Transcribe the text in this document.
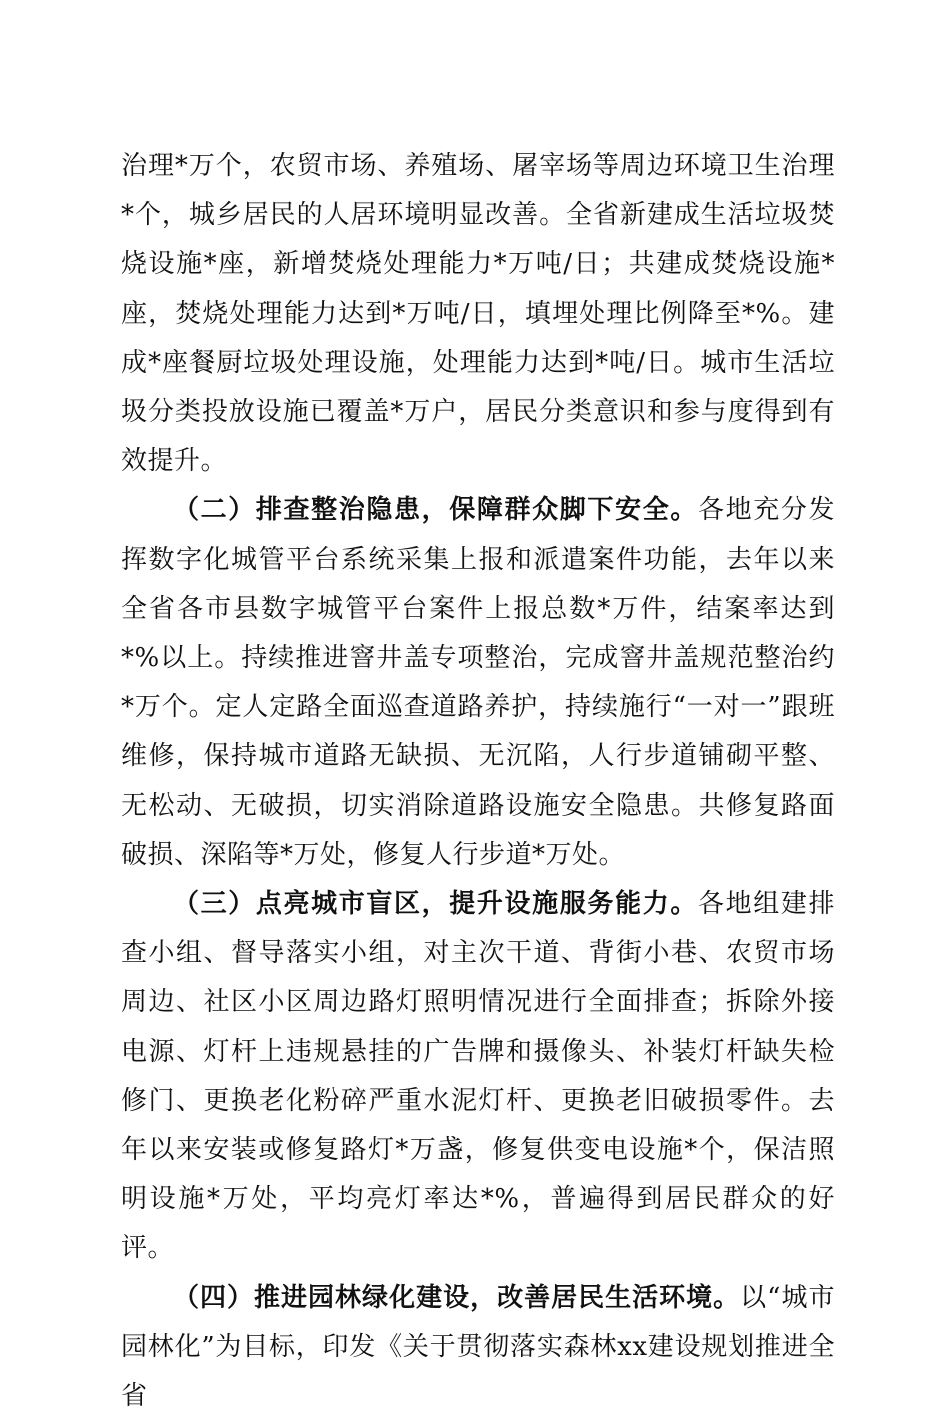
治理*万个，农贸市场、养殖场、屠宰场等周边环境卫生治理*个，城乡居民的人居环境明显改善。全省新建成生活垃圾焚烧设施*座，新增焚烧处理能力*万吨/日；共建成焚烧设施*座，焚烧处理能力达到*万吨/日，填埋处理比例降至*%。建成*座餐厨垃圾处理设施，处理能力达到*吨/日。城市生活垃圾分类投放设施已覆盖*万户，居民分类意识和参与度得到有效提升。

（二）排查整治隐患，保障群众脚下安全。各地充分发挥数字化城管平台系统采集上报和派遣案件功能，去年以来全省各市县数字城管平台案件上报总数*万件，结案率达到*%以上。持续推进窨井盖专项整治，完成窨井盖规范整治约*万个。定人定路全面巡查道路养护，持续施行“一对一”跟班维修，保持城市道路无缺损、无沉陷，人行步道铺砌平整、无松动、无破损，切实消除道路设施安全隐患。共修复路面破损、深陷等*万处，修复人行步道*万处。

（三）点亮城市盲区，提升设施服务能力。各地组建排查小组、督导落实小组，对主次干道、背街小巷、农贸市场周边、社区小区周边路灯照明情况进行全面排查；拆除外接电源、灯杆上违规悬挂的广告牌和摄像头、补装灯杆缺失检修门、更换老化粉碎严重水泥灯杆、更换老旧破损零件。去年以来安装或修复路灯*万盏，修复供变电设施*个，保洁照明设施*万处，平均亮灯率达*%，普遍得到居民群众的好评。

（四）推进园林绿化建设，改善居民生活环境。以“城市园林化”为目标，印发《关于贯彻落实森林xx建设规划推进全省
